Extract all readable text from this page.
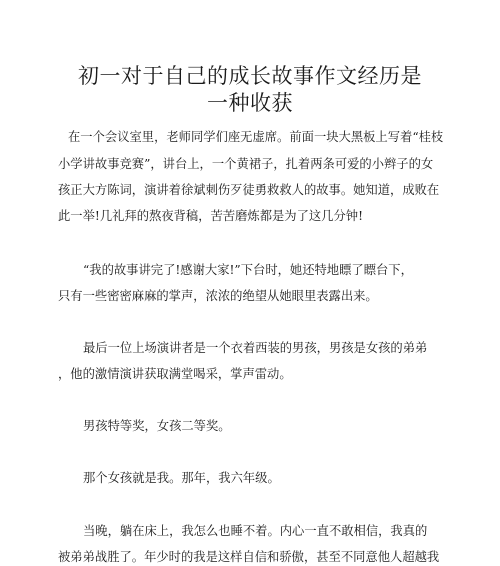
初一对于自己的成长故事作文经历是
一种收获

在一个会议室里，老师同学们座无虚席。前面一块大黑板上写着“桂枝

小学讲故事竞赛”，讲台上，一个黄裙子，扎着两条可爱的小辫子的女

孩正大方陈词，演讲着徐斌刺伤歹徒勇救救人的故事。她知道，成败在

此一举!几礼拜的熬夜背稿，苦苦磨炼都是为了这几分钟!

“我的故事讲完了!感谢大家!”下台时，她还特地瞟了瞟台下，

只有一些密密麻麻的掌声，浓浓的绝望从她眼里表露出来。

最后一位上场演讲者是一个衣着西装的男孩，男孩是女孩的弟弟

，他的激情演讲获取满堂喝采，掌声雷动。

男孩特等奖，女孩二等奖。

那个女孩就是我。那年，我六年级。

当晚，躺在床上，我怎么也睡不着。内心一直不敢相信，我真的

被弟弟战胜了。年少时的我是这样自信和骄傲，甚至不同意他人超越我
